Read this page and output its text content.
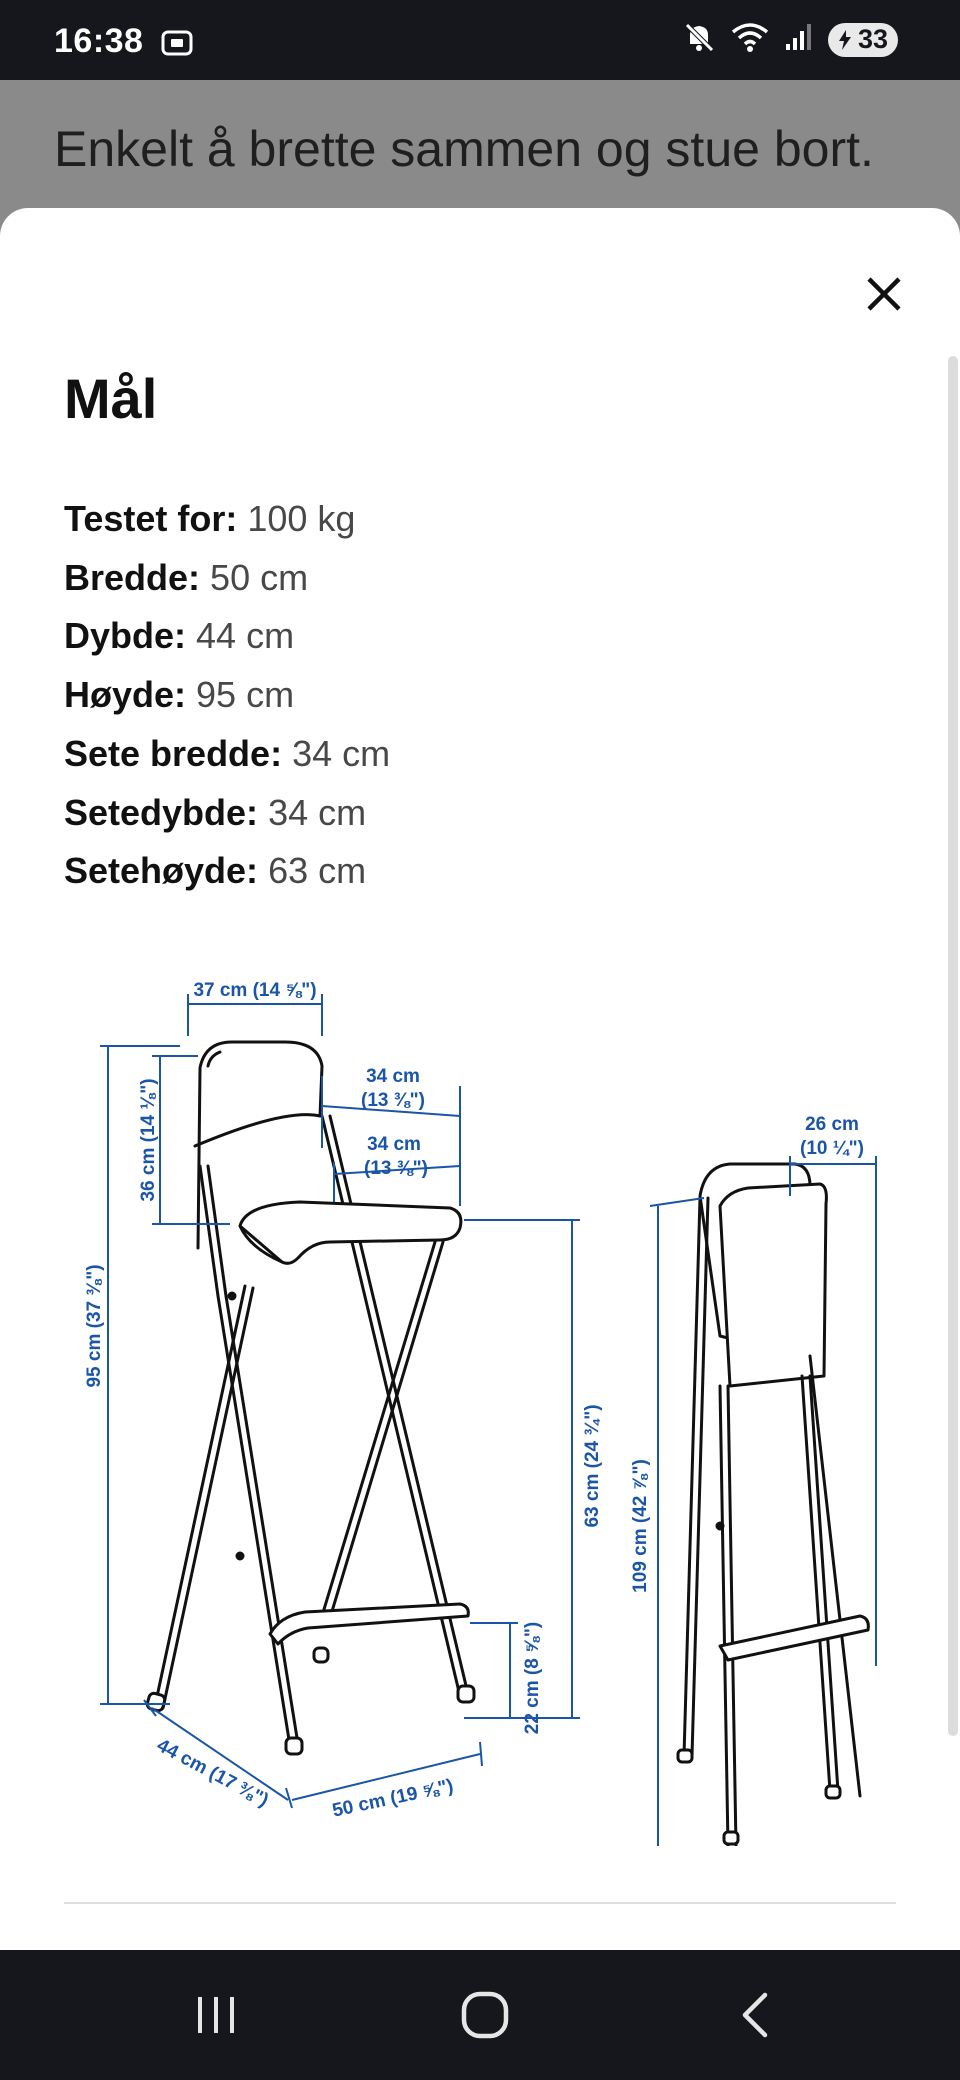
16:38	33
Enkelt å brette sammen og stue bort.
Mål
Testet for: 100 kg
Bredde: 50 cm
Dybde: 44 cm
Høyde: 95 cm
Sete bredde: 34 cm
Setedybde: 34 cm
Setehøyde: 63 cm
37 cm (14 ⅝")
34 cm
(13 ⅜")
34 cm
(13 ⅜")
95 cm (37 ⅜")
36 cm (14 ⅛")
63 cm (24 ¾")
22 cm (8 ⅝")
44 cm (17 ⅜")	50 cm (19 ⅝")
26 cm
(10 ¼")
109 cm (42 ⅞")
